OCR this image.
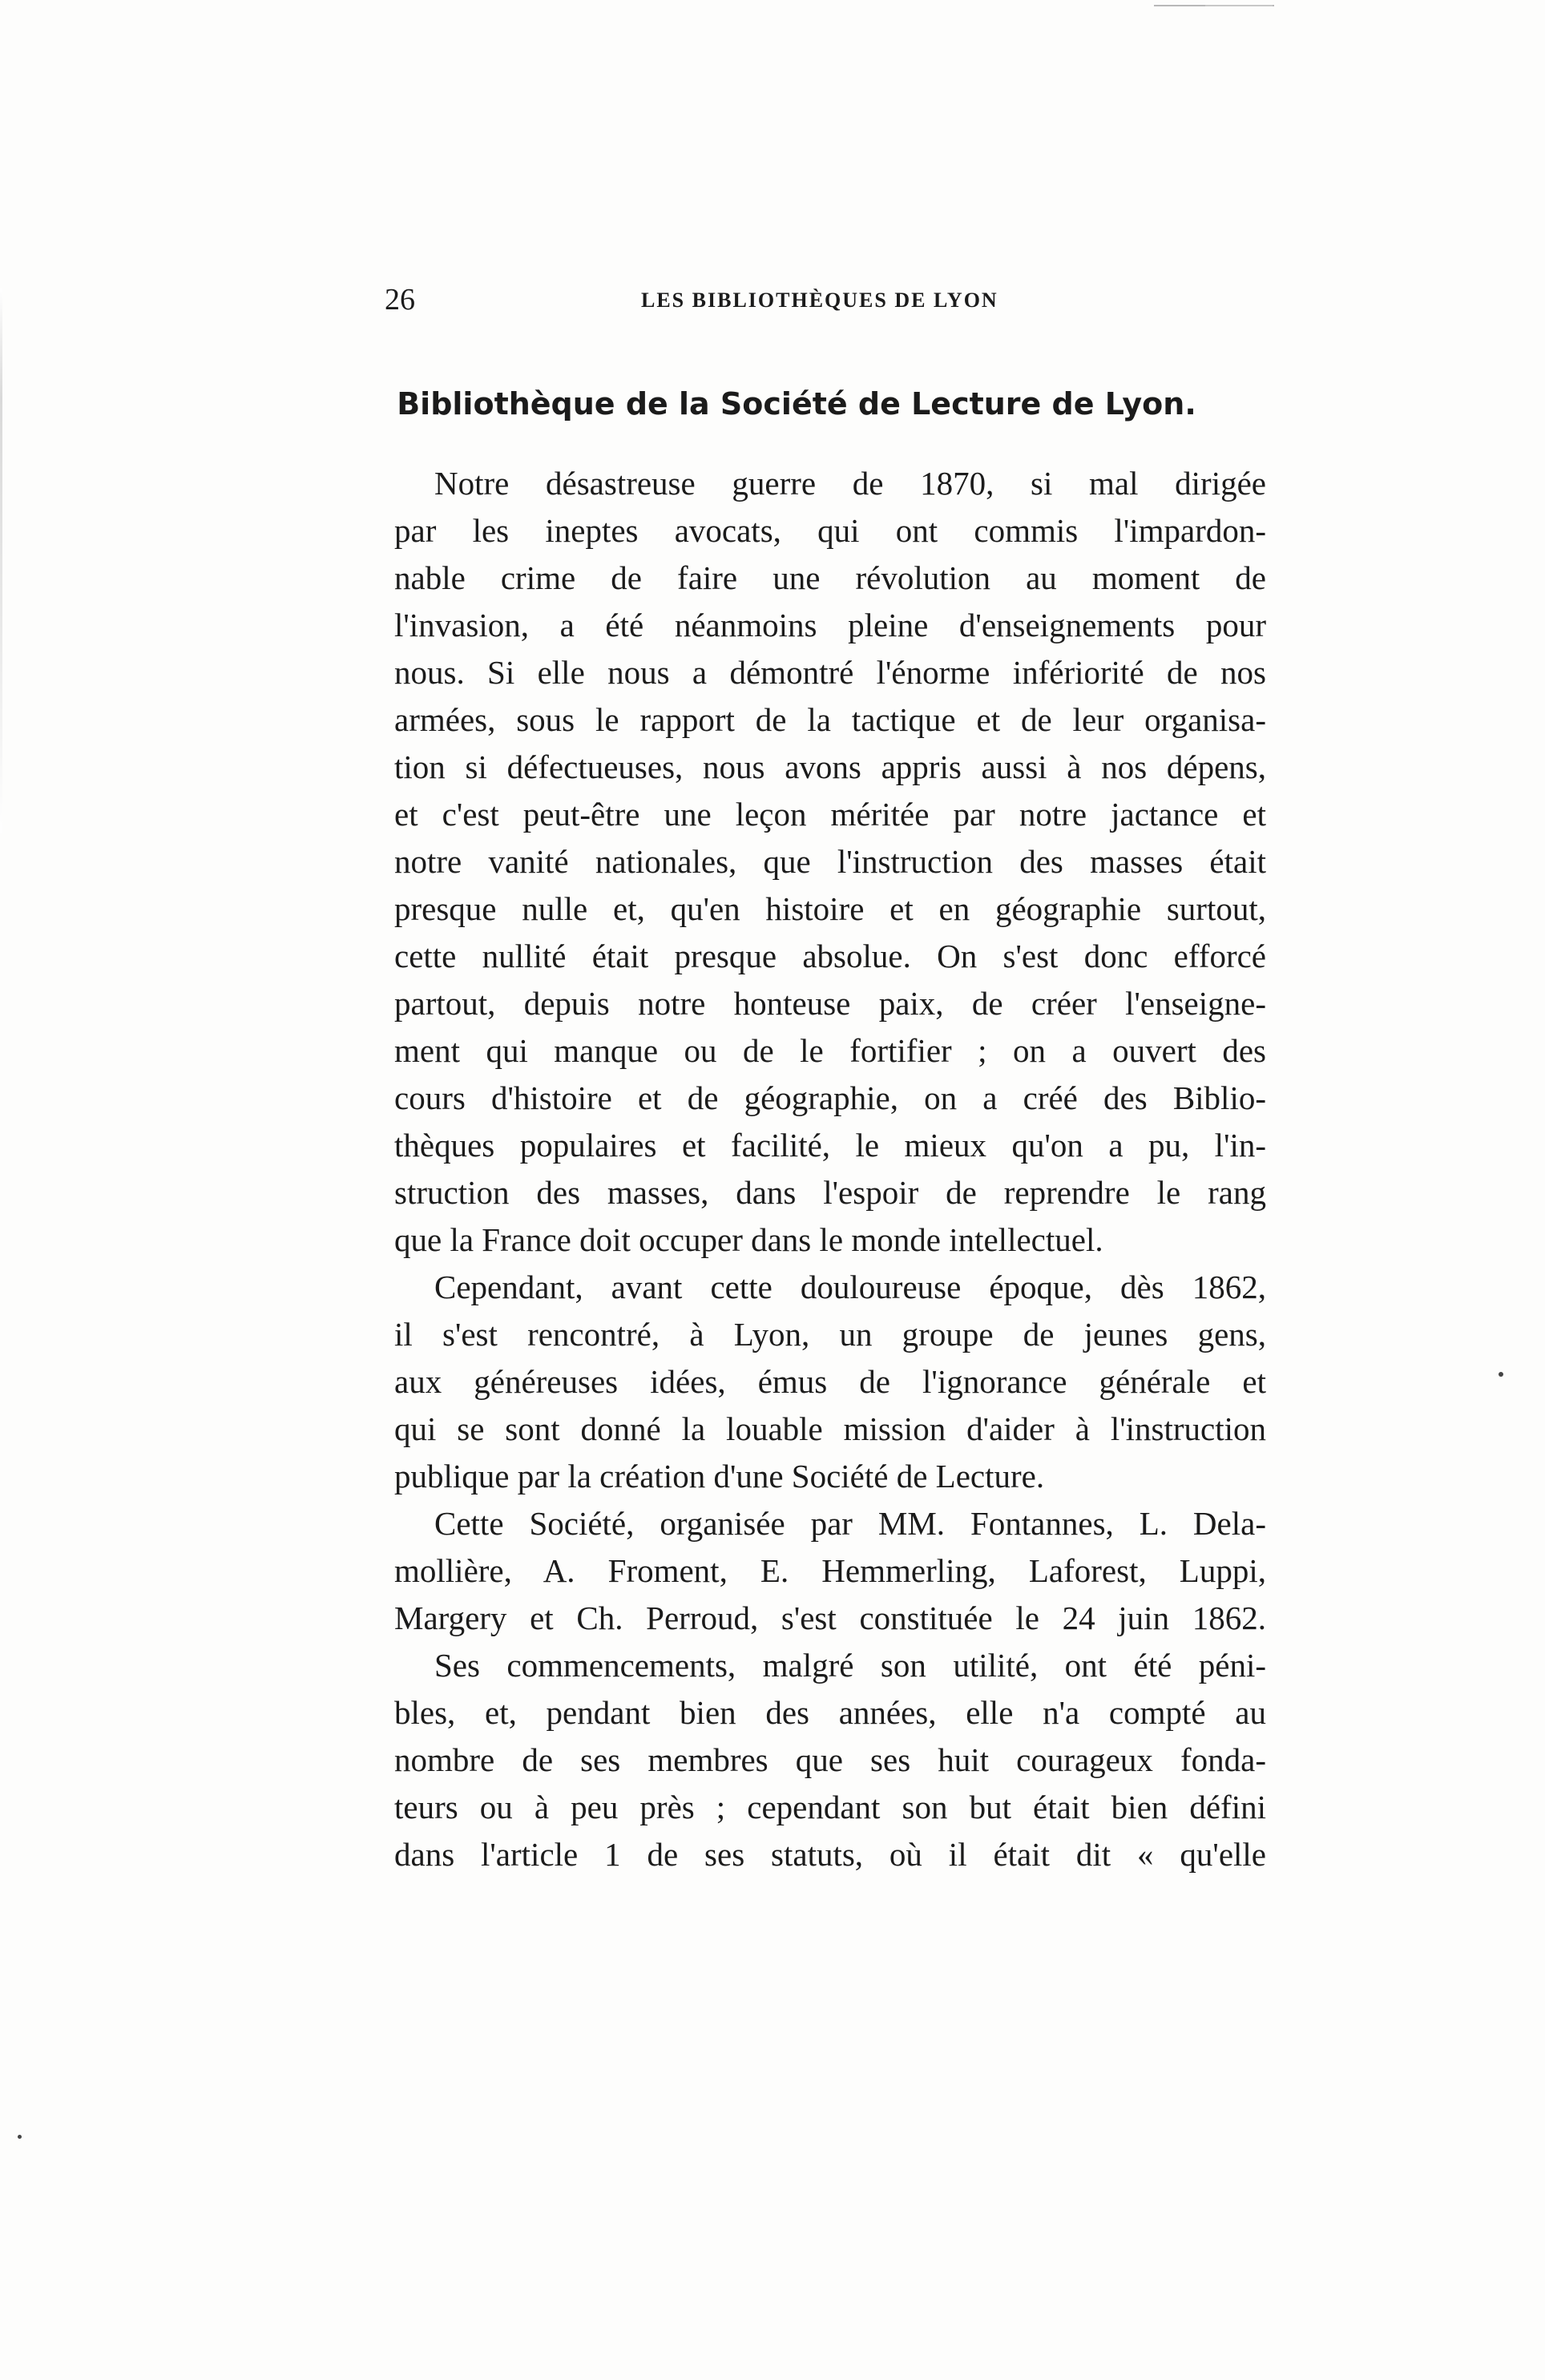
26	LES BIBLIOTHÈQUES DE LYON
Bibliothèque de la Société de Lecture de Lyon.
Notre désastreuse guerre de 1870, si mal dirigée
par les ineptes avocats, qui ont commis l'impardon-
nable crime de faire une révolution au moment de
l'invasion, a été néanmoins pleine d'enseignements pour
nous. Si elle nous a démontré l'énorme infériorité de nos
armées, sous le rapport de la tactique et de leur organisa-
tion si défectueuses, nous avons appris aussi à nos dépens,
et c'est peut-être une leçon méritée par notre jactance et
notre vanité nationales, que l'instruction des masses était
presque nulle et, qu'en histoire et en géographie surtout,
cette nullité était presque absolue. On s'est donc efforcé
partout, depuis notre honteuse paix, de créer l'enseigne-
ment qui manque ou de le fortifier ; on a ouvert des
cours d'histoire et de géographie, on a créé des Biblio-
thèques populaires et facilité, le mieux qu'on a pu, l'in-
struction des masses, dans l'espoir de reprendre le rang
que la France doit occuper dans le monde intellectuel.
Cependant, avant cette douloureuse époque, dès 1862,
il s'est rencontré, à Lyon, un groupe de jeunes gens,
aux généreuses idées, émus de l'ignorance générale et
qui se sont donné la louable mission d'aider à l'instruction
publique par la création d'une Société de Lecture.
Cette Société, organisée par MM. Fontannes, L. Dela-
mollière, A. Froment, E. Hemmerling, Laforest, Luppi,
Margery et Ch. Perroud, s'est constituée le 24 juin 1862.
Ses commencements, malgré son utilité, ont été péni-
bles, et, pendant bien des années, elle n'a compté au
nombre de ses membres que ses huit courageux fonda-
teurs ou à peu près ; cependant son but était bien défini
dans l'article 1 de ses statuts, où il était dit « qu'elle
